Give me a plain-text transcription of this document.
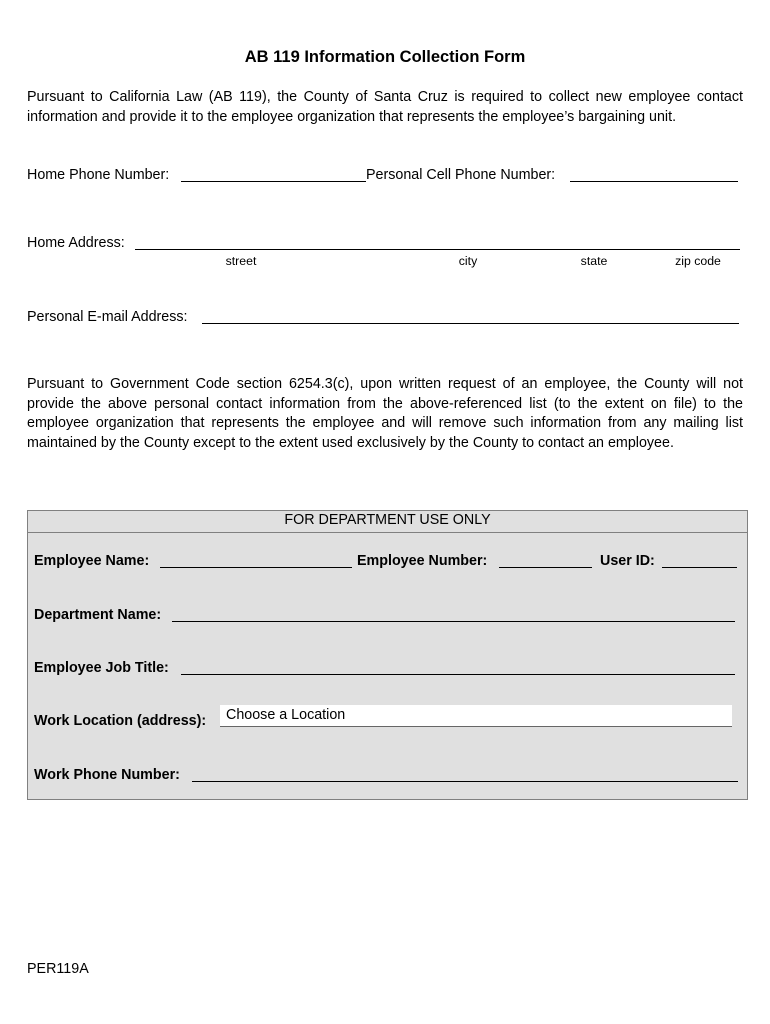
AB 119 Information Collection Form
Pursuant to California Law (AB 119), the County of Santa Cruz is required to collect new employee contact information and provide it to the employee organization that represents the employee’s bargaining unit.
Home Phone Number:	Personal Cell Phone Number:
Home Address:
street	city	state	zip code
Personal E-mail Address:
Pursuant to Government Code section 6254.3(c), upon written request of an employee, the County will not provide the above personal contact information from the above-referenced list (to the extent on file) to the employee organization that represents the employee and will remove such information from any mailing list maintained by the County except to the extent used exclusively by the County to contact an employee.
FOR DEPARTMENT USE ONLY
Employee Name:	Employee Number:	User ID:
Department Name:
Employee Job Title:
Work Location (address):	Choose a Location
Work Phone Number:
PER119A
